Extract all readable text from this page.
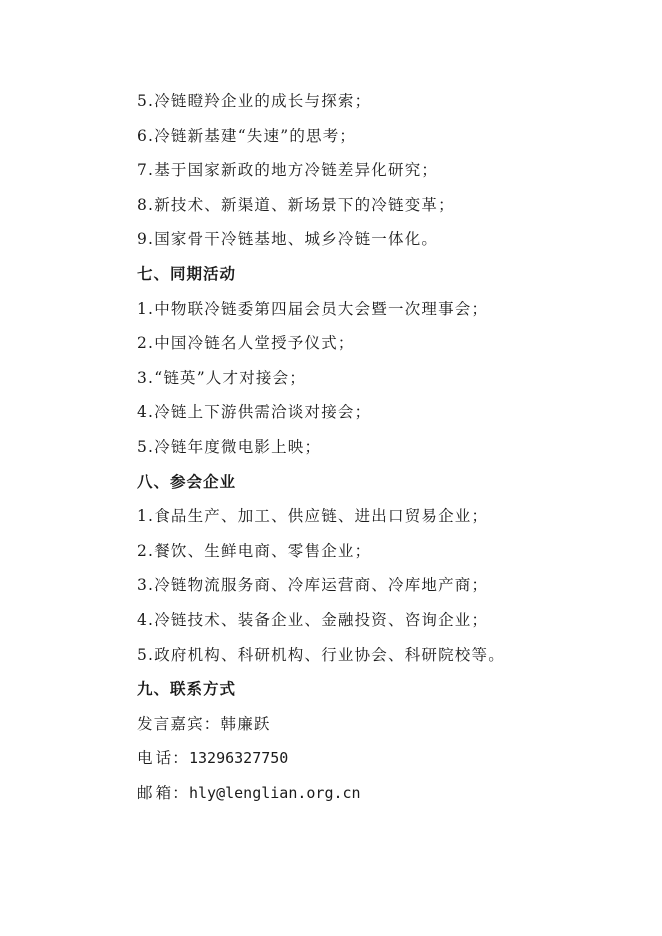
5.冷链瞪羚企业的成长与探索；
6.冷链新基建“失速”的思考；
7.基于国家新政的地方冷链差异化研究；
8.新技术、新渠道、新场景下的冷链变革；
9.国家骨干冷链基地、城乡冷链一体化。
七、同期活动
1.中物联冷链委第四届会员大会暨一次理事会；
2.中国冷链名人堂授予仪式；
3.“链英”人才对接会；
4.冷链上下游供需洽谈对接会；
5.冷链年度微电影上映；
八、参会企业
1.食品生产、加工、供应链、进出口贸易企业；
2.餐饮、生鲜电商、零售企业；
3.冷链物流服务商、冷库运营商、冷库地产商；
4.冷链技术、装备企业、金融投资、咨询企业；
5.政府机构、科研机构、行业协会、科研院校等。
九、联系方式
发言嘉宾：韩廉跃
电 话： 13296327750
邮 箱： hly@lenglian.org.cn
